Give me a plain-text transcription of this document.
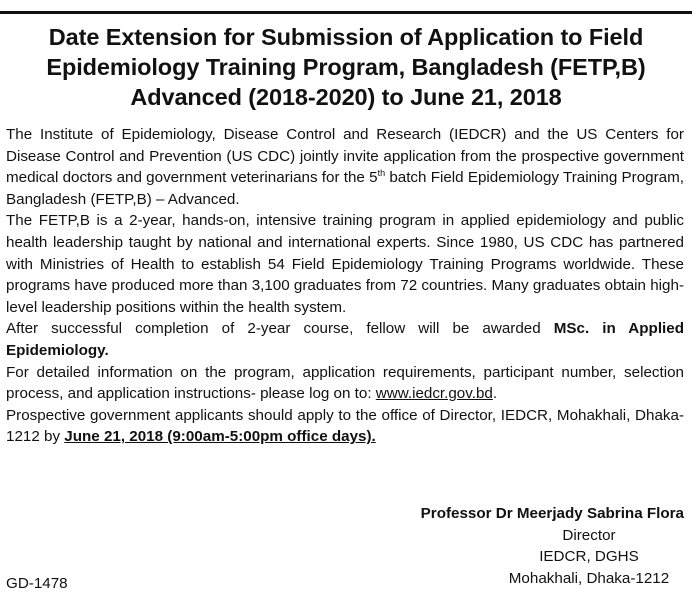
Date Extension for Submission of Application to Field
Epidemiology Training Program, Bangladesh (FETP,B)
Advanced (2018-2020) to June 21, 2018

The Institute of Epidemiology, Disease Control and Research (IEDCR) and the US Centers for Disease Control and Prevention (US CDC) jointly invite application from the prospective government medical doctors and government veterinarians for the 5th batch Field Epidemiology Training Program, Bangladesh (FETP,B) – Advanced.

The FETP,B is a 2-year, hands-on, intensive training program in applied epidemiology and public health leadership taught by national and international experts. Since 1980, US CDC has partnered with Ministries of Health to establish 54 Field Epidemiology Training Programs worldwide. These programs have produced more than 3,100 graduates from 72 countries. Many graduates obtain high-level leadership positions within the health system.

After successful completion of 2-year course, fellow will be awarded MSc. in Applied Epidemiology.

For detailed information on the program, application requirements, participant number, selection process, and application instructions- please log on to: www.iedcr.gov.bd.

Prospective government applicants should apply to the office of Director, IEDCR, Mohakhali, Dhaka-1212 by June 21, 2018 (9:00am-5:00pm office days).

Professor Dr Meerjady Sabrina Flora
Director
IEDCR, DGHS
Mohakhali, Dhaka-1212
GD-1478
